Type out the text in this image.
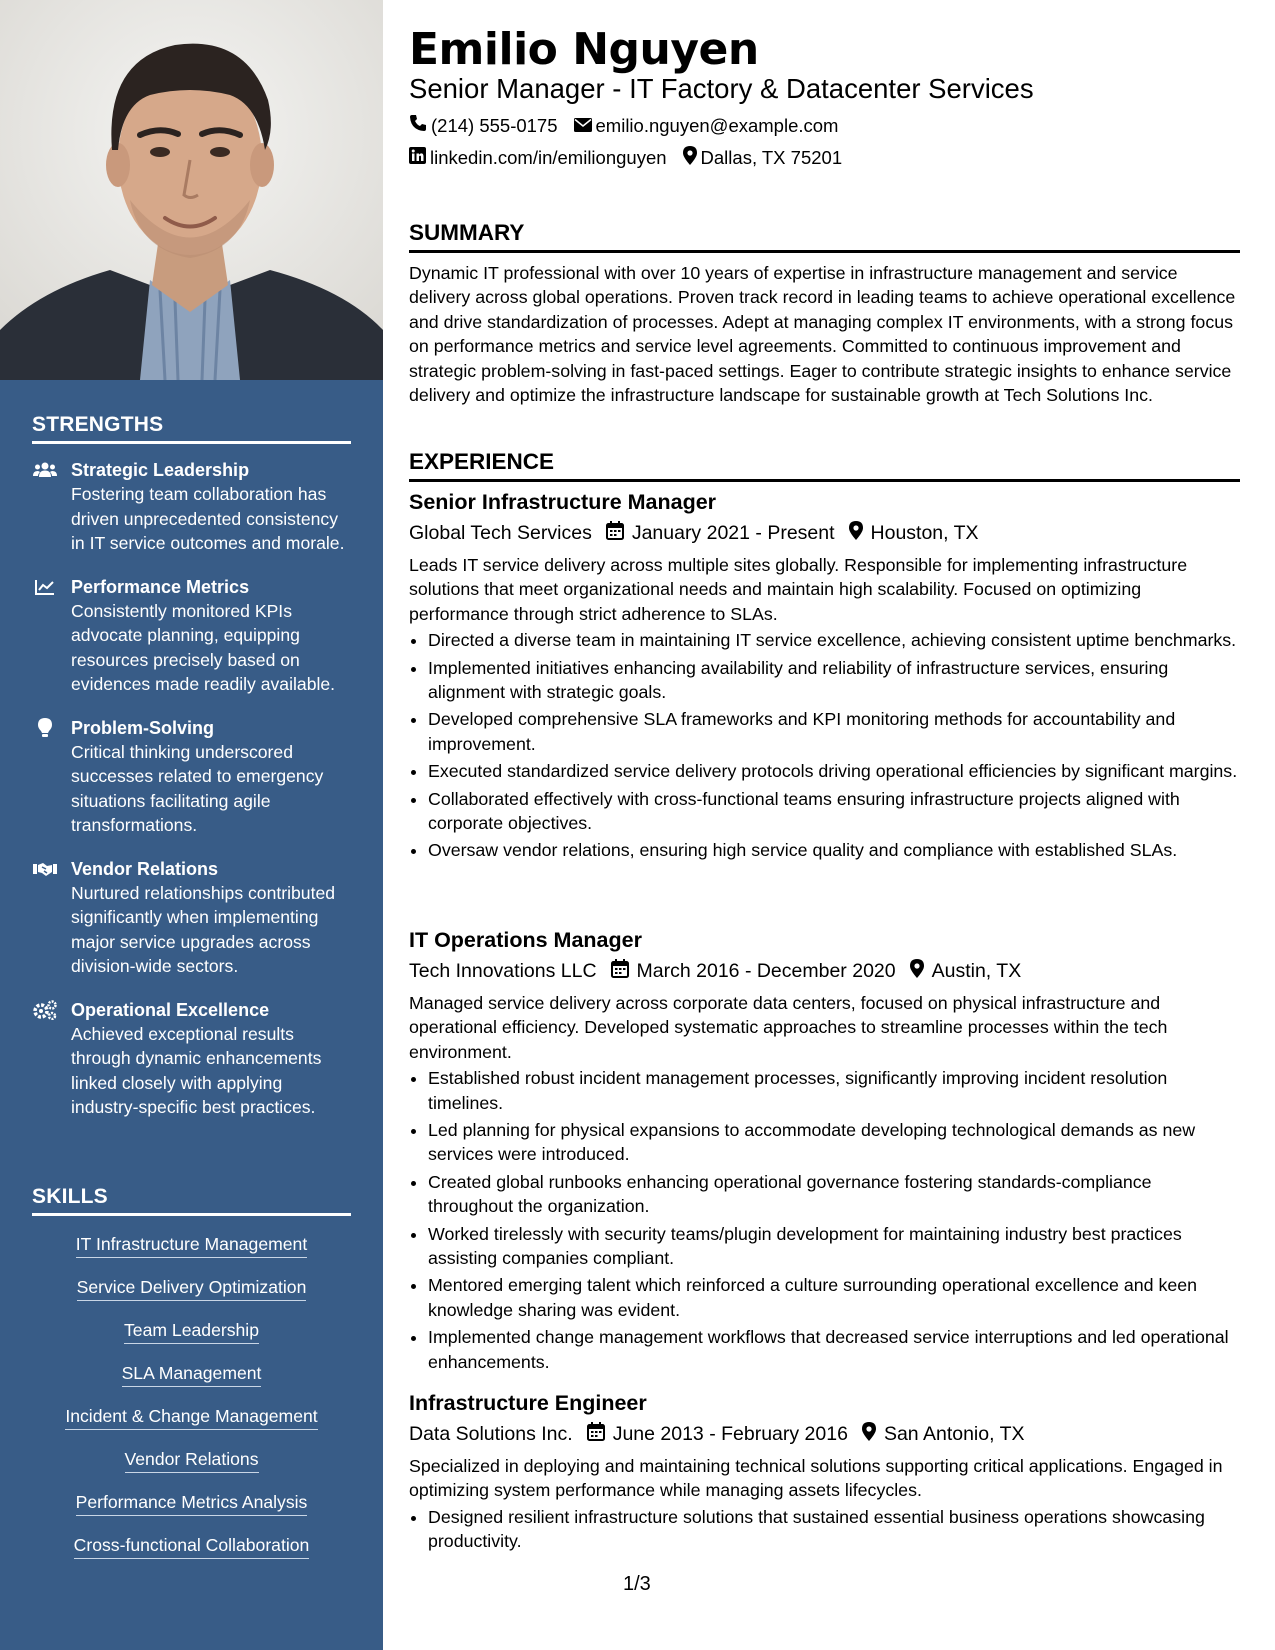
STRENGTHS
Strategic Leadership
Fostering team collaboration has driven unprecedented consistency in IT service outcomes and morale.
Performance Metrics
Consistently monitored KPIs advocate planning, equipping resources precisely based on evidences made readily available.
Problem-Solving
Critical thinking underscored successes related to emergency situations facilitating agile transformations.
Vendor Relations
Nurtured relationships contributed significantly when implementing major service upgrades across division-wide sectors.
Operational Excellence
Achieved exceptional results through dynamic enhancements linked closely with applying industry-specific best practices.
SKILLS
IT Infrastructure Management
Service Delivery Optimization
Team Leadership
SLA Management
Incident & Change Management
Vendor Relations
Performance Metrics Analysis
Cross-functional Collaboration
Emilio Nguyen
Senior Manager - IT Factory & Datacenter Services
(214) 555-0175 emilio.nguyen@example.com
linkedin.com/in/emilionguyen Dallas, TX 75201
SUMMARY
Dynamic IT professional with over 10 years of expertise in infrastructure management and service delivery across global operations. Proven track record in leading teams to achieve operational excellence and drive standardization of processes. Adept at managing complex IT environments, with a strong focus on performance metrics and service level agreements. Committed to continuous improvement and strategic problem-solving in fast-paced settings. Eager to contribute strategic insights to enhance service delivery and optimize the infrastructure landscape for sustainable growth at Tech Solutions Inc.
EXPERIENCE
Senior Infrastructure Manager
Global Tech Services January 2021 - Present Houston, TX
Leads IT service delivery across multiple sites globally. Responsible for implementing infrastructure solutions that meet organizational needs and maintain high scalability. Focused on optimizing performance through strict adherence to SLAs.
• Directed a diverse team in maintaining IT service excellence, achieving consistent uptime benchmarks.
• Implemented initiatives enhancing availability and reliability of infrastructure services, ensuring alignment with strategic goals.
• Developed comprehensive SLA frameworks and KPI monitoring methods for accountability and improvement.
• Executed standardized service delivery protocols driving operational efficiencies by significant margins.
• Collaborated effectively with cross-functional teams ensuring infrastructure projects aligned with corporate objectives.
• Oversaw vendor relations, ensuring high service quality and compliance with established SLAs.
IT Operations Manager
Tech Innovations LLC March 2016 - December 2020 Austin, TX
Managed service delivery across corporate data centers, focused on physical infrastructure and operational efficiency. Developed systematic approaches to streamline processes within the tech environment.
• Established robust incident management processes, significantly improving incident resolution timelines.
• Led planning for physical expansions to accommodate developing technological demands as new services were introduced.
• Created global runbooks enhancing operational governance fostering standards-compliance throughout the organization.
• Worked tirelessly with security teams/plugin development for maintaining industry best practices assisting companies compliant.
• Mentored emerging talent which reinforced a culture surrounding operational excellence and keen knowledge sharing was evident.
• Implemented change management workflows that decreased service interruptions and led operational enhancements.
Infrastructure Engineer
Data Solutions Inc. June 2013 - February 2016 San Antonio, TX
Specialized in deploying and maintaining technical solutions supporting critical applications. Engaged in optimizing system performance while managing assets lifecycles.
• Designed resilient infrastructure solutions that sustained essential business operations showcasing productivity.
1/3
